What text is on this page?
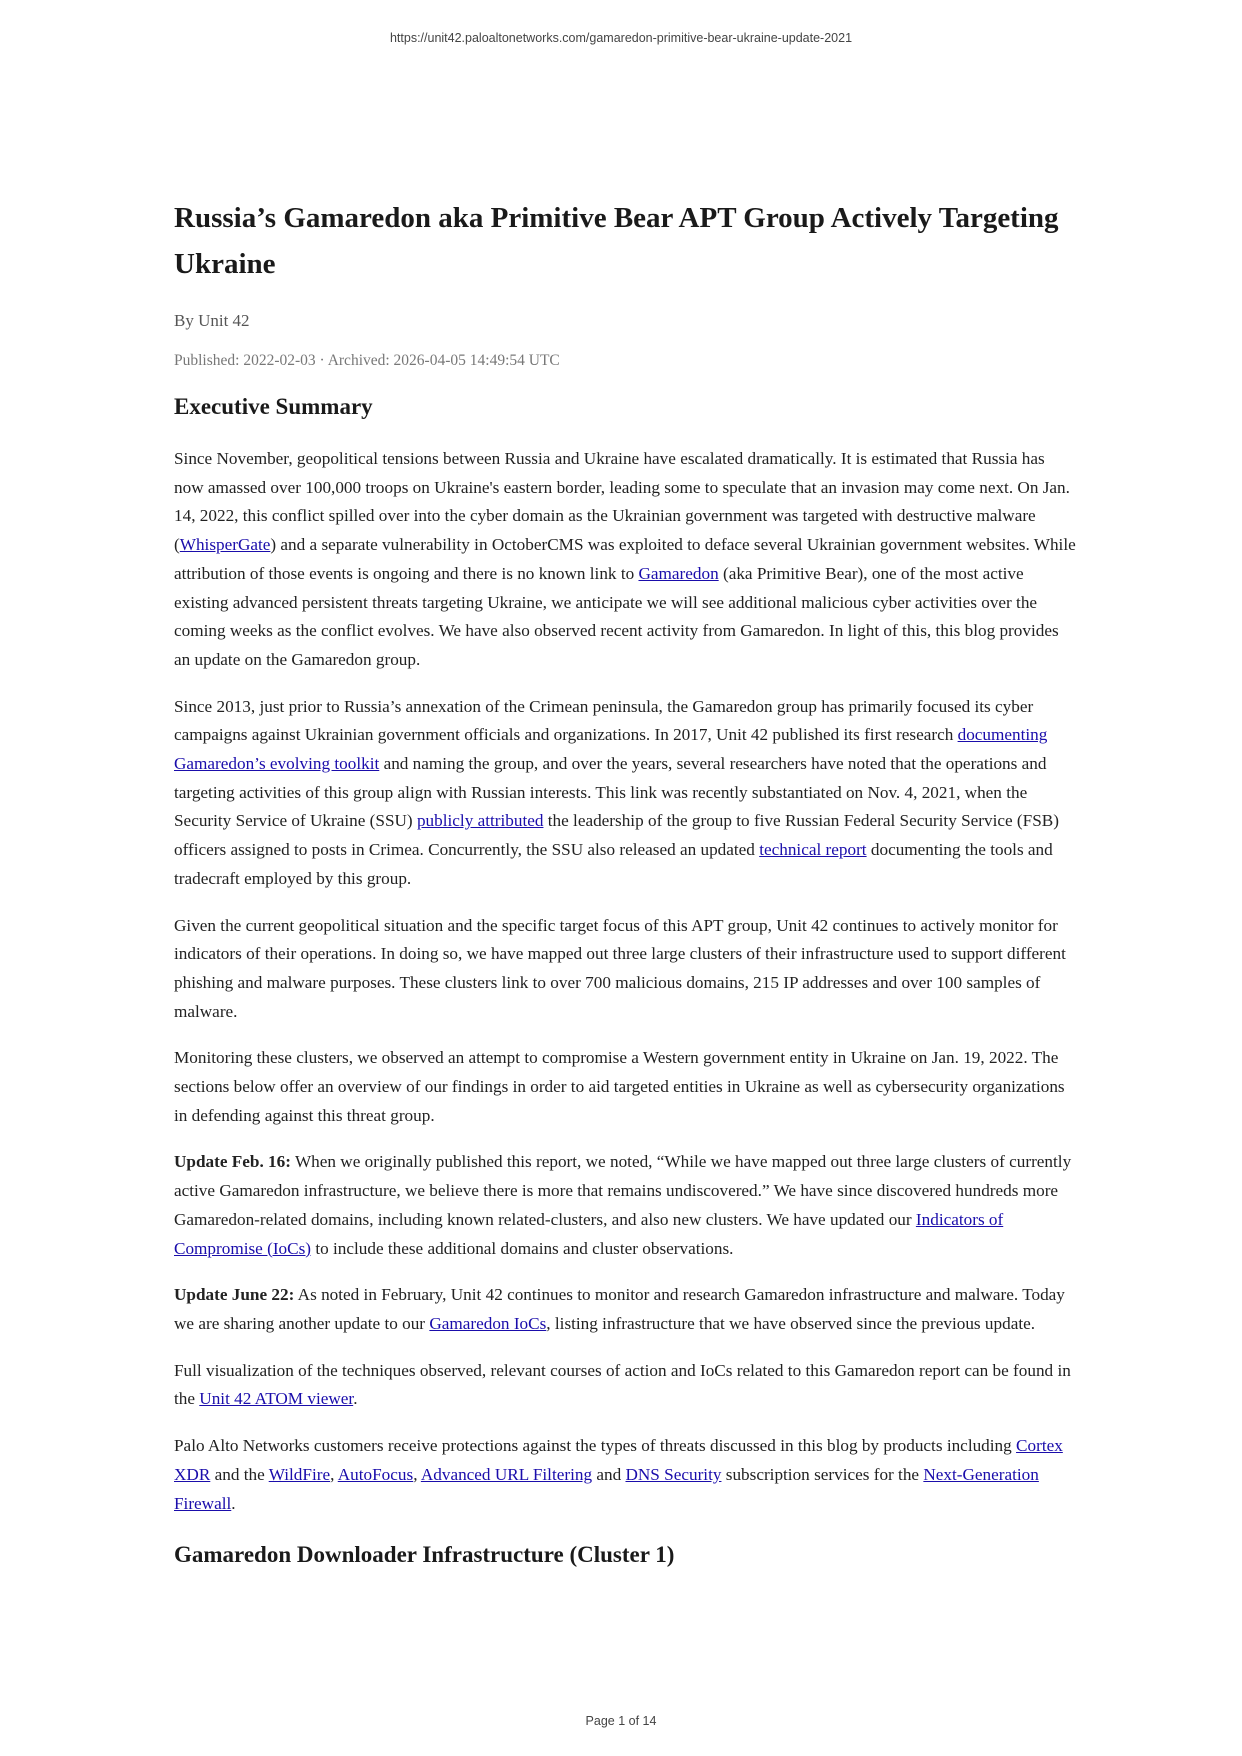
https://unit42.paloaltonetworks.com/gamaredon-primitive-bear-ukraine-update-2021
Russia’s Gamaredon aka Primitive Bear APT Group Actively Targeting Ukraine
By Unit 42
Published: 2022-02-03 · Archived: 2026-04-05 14:49:54 UTC
Executive Summary

Since November, geopolitical tensions between Russia and Ukraine have escalated dramatically. It is estimated that Russia has now amassed over 100,000 troops on Ukraine's eastern border, leading some to speculate that an invasion may come next. On Jan. 14, 2022, this conflict spilled over into the cyber domain as the Ukrainian government was targeted with destructive malware (WhisperGate) and a separate vulnerability in OctoberCMS was exploited to deface several Ukrainian government websites. While attribution of those events is ongoing and there is no known link to Gamaredon (aka Primitive Bear), one of the most active existing advanced persistent threats targeting Ukraine, we anticipate we will see additional malicious cyber activities over the coming weeks as the conflict evolves. We have also observed recent activity from Gamaredon. In light of this, this blog provides an update on the Gamaredon group.

Since 2013, just prior to Russia’s annexation of the Crimean peninsula, the Gamaredon group has primarily focused its cyber campaigns against Ukrainian government officials and organizations. In 2017, Unit 42 published its first research documenting Gamaredon’s evolving toolkit and naming the group, and over the years, several researchers have noted that the operations and targeting activities of this group align with Russian interests. This link was recently substantiated on Nov. 4, 2021, when the Security Service of Ukraine (SSU) publicly attributed the leadership of the group to five Russian Federal Security Service (FSB) officers assigned to posts in Crimea. Concurrently, the SSU also released an updated technical report documenting the tools and tradecraft employed by this group.

Given the current geopolitical situation and the specific target focus of this APT group, Unit 42 continues to actively monitor for indicators of their operations. In doing so, we have mapped out three large clusters of their infrastructure used to support different phishing and malware purposes. These clusters link to over 700 malicious domains, 215 IP addresses and over 100 samples of malware.

Monitoring these clusters, we observed an attempt to compromise a Western government entity in Ukraine on Jan. 19, 2022. The sections below offer an overview of our findings in order to aid targeted entities in Ukraine as well as cybersecurity organizations in defending against this threat group.

Update Feb. 16: When we originally published this report, we noted, “While we have mapped out three large clusters of currently active Gamaredon infrastructure, we believe there is more that remains undiscovered.” We have since discovered hundreds more Gamaredon-related domains, including known related-clusters, and also new clusters. We have updated our Indicators of Compromise (IoCs) to include these additional domains and cluster observations.

Update June 22: As noted in February, Unit 42 continues to monitor and research Gamaredon infrastructure and malware. Today we are sharing another update to our Gamaredon IoCs, listing infrastructure that we have observed since the previous update.

Full visualization of the techniques observed, relevant courses of action and IoCs related to this Gamaredon report can be found in the Unit 42 ATOM viewer.

Palo Alto Networks customers receive protections against the types of threats discussed in this blog by products including Cortex XDR and the WildFire, AutoFocus, Advanced URL Filtering and DNS Security subscription services for the Next-Generation Firewall.

Gamaredon Downloader Infrastructure (Cluster 1)
Page 1 of 14
